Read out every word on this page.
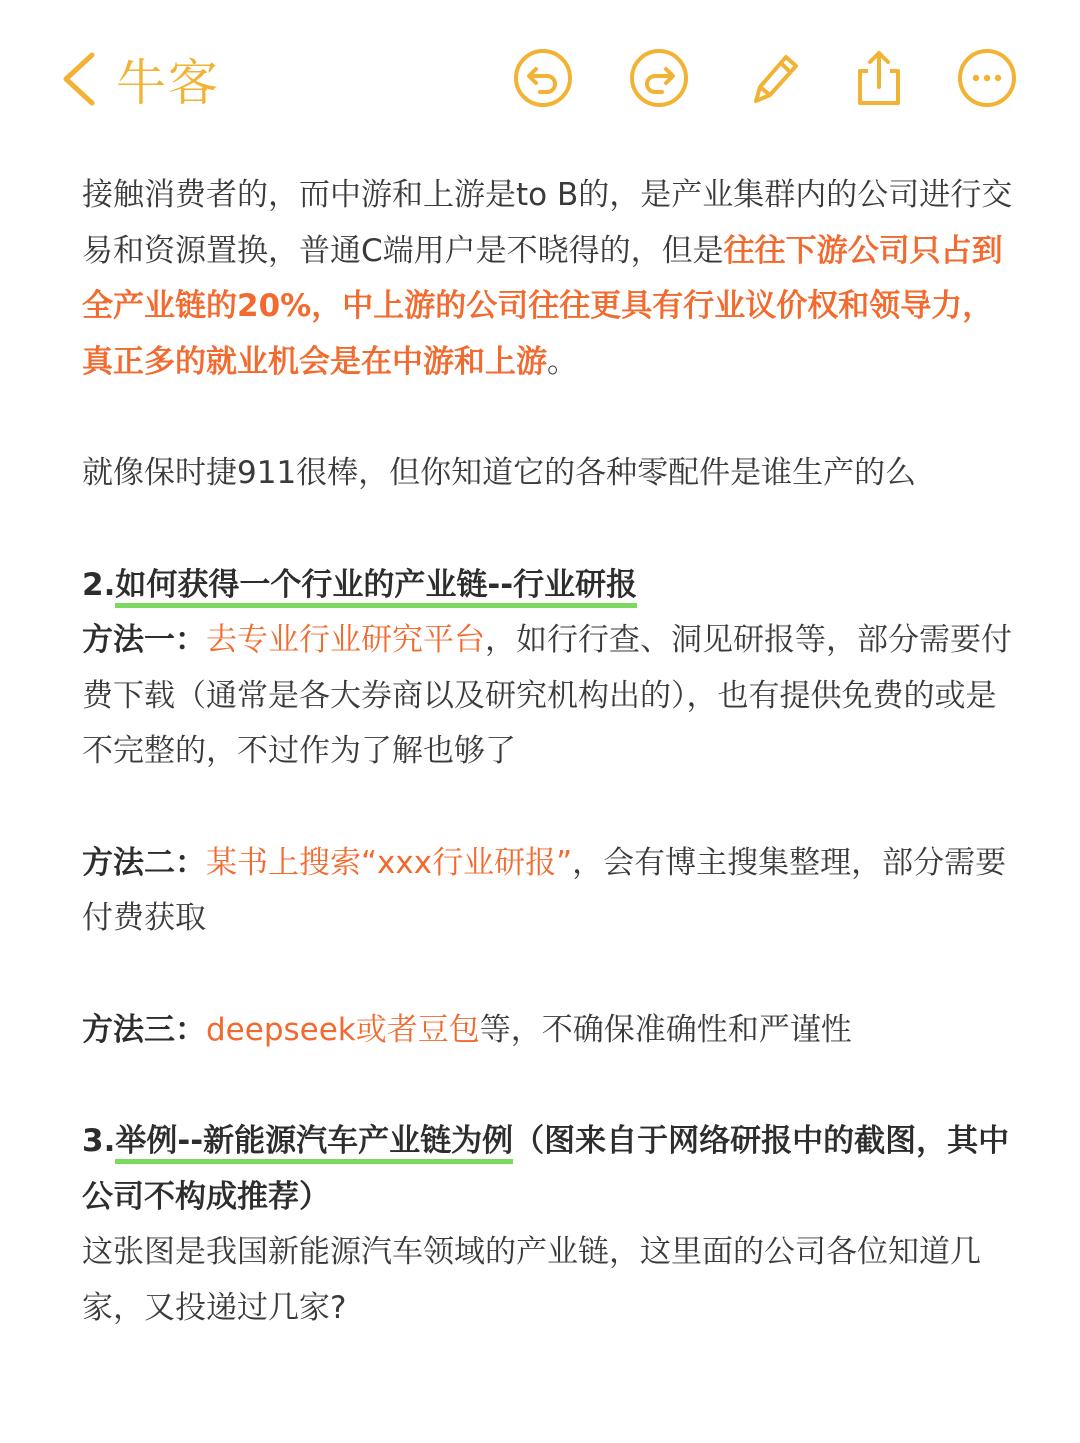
牛客

接触消费者的，而中游和上游是to B的，是产业集群内的公司进行交易和资源置换，普通C端用户是不晓得的，但是往往下游公司只占到全产业链的20%，中上游的公司往往更具有行业议价权和领导力，真正多的就业机会是在中游和上游。

就像保时捷911很棒，但你知道它的各种零配件是谁生产的么

2.如何获得一个行业的产业链--行业研报

方法一：去专业行业研究平台，如行行查、洞见研报等，部分需要付费下载（通常是各大券商以及研究机构出的），也有提供免费的或是不完整的，不过作为了解也够了

方法二：某书上搜索“xxx行业研报”，会有博主搜集整理，部分需要付费获取

方法三：deepseek或者豆包等，不确保准确性和严谨性

3.举例--新能源汽车产业链为例（图来自于网络研报中的截图，其中公司不构成推荐）

这张图是我国新能源汽车领域的产业链，这里面的公司各位知道几家，又投递过几家?
